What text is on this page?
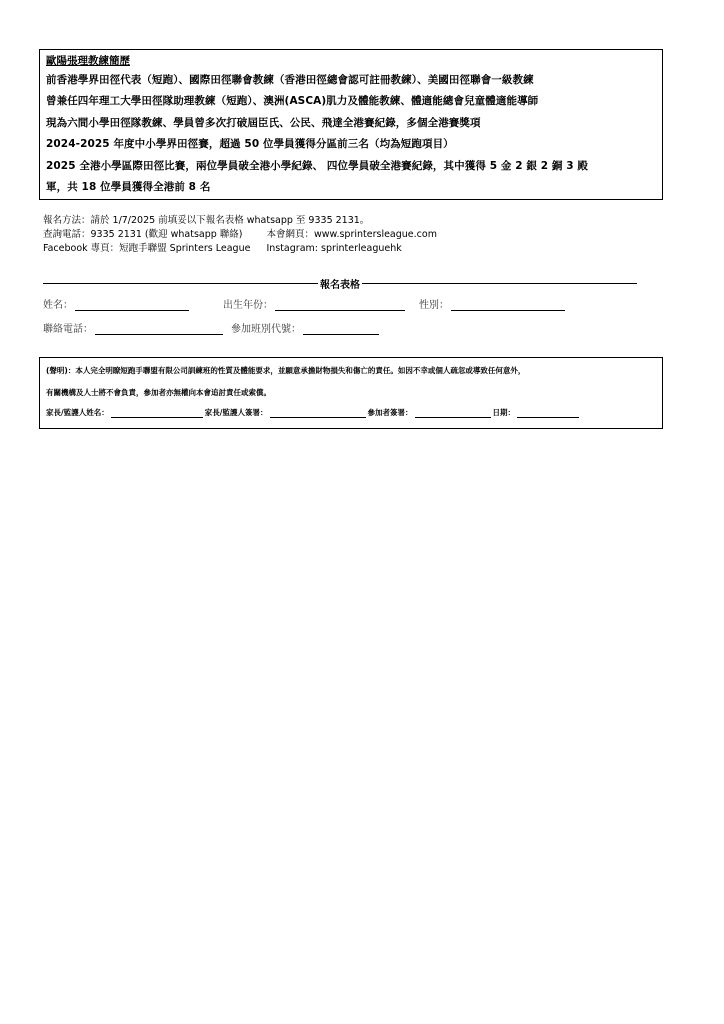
歐陽張理教練簡歷
前香港學界田徑代表（短跑）、國際田徑聯會教練（香港田徑總會認可註冊教練）、美國田徑聯會一級教練
曾兼任四年理工大學田徑隊助理教練（短跑）、澳洲(ASCA)肌力及體能教練、體適能總會兒童體適能導師
現為六間小學田徑隊教練、學員曾多次打破屆臣氏、公民、飛達全港賽紀錄，多個全港賽獎項
2024-2025 年度中小學界田徑賽，超過 50 位學員獲得分區前三名（均為短跑項目）
2025 全港小學區際田徑比賽，兩位學員破全港小學紀錄、 四位學員破全港賽紀錄，其中獲得 5 金 2 銀 2 銅 3 殿
軍，共 18 位學員獲得全港前 8 名
報名方法：請於 1/7/2025 前填妥以下報名表格 whatsapp 至 9335 2131。
查詢電話：9335 2131 (歡迎 whatsapp 聯絡)	本會網頁：www.sprintersleague.com
Facebook 專頁：短跑手聯盟 Sprinters League Instagram: sprinterleaguehk
報名表格
姓名：	出生年份：	性別：
聯絡電話：	參加班別代號：
(聲明)：本人完全明瞭短跑手聯盟有限公司訓練班的性質及體能要求，並願意承擔財物損失和傷亡的責任。如因不幸或個人疏忽或導致任何意外，
有關機構及人士將不會負責，參加者亦無權向本會追討責任或索償。
家長/監護人姓名：	家長/監護人簽署：	參加者簽署：	日期：
